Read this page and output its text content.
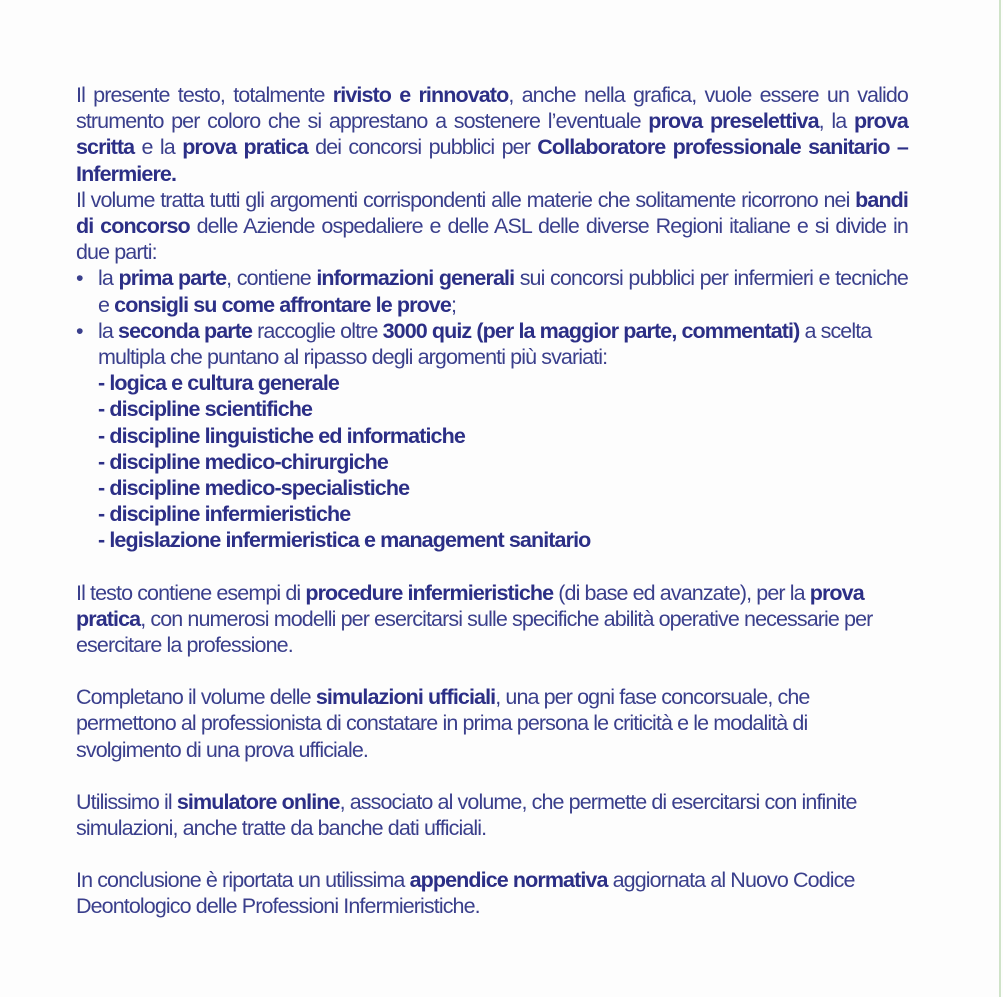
Il presente testo, totalmente rivisto e rinnovato, anche nella grafica, vuole essere un valido strumento per coloro che si apprestano a sostenere l’eventuale prova preselettiva, la prova scritta e la prova pratica dei concorsi pubblici per Collaboratore professionale sanitario – Infermiere.

Il volume tratta tutti gli argomenti corrispondenti alle materie che solitamente ricorrono nei bandi di concorso delle Aziende ospedaliere e delle ASL delle diverse Regioni italiane e si divide in due parti:

• la prima parte, contiene informazioni generali sui concorsi pubblici per infermieri e tecniche e consigli su come affrontare le prove;
• la seconda parte raccoglie oltre 3000 quiz (per la maggior parte, commentati) a scelta multipla che puntano al ripasso degli argomenti più svariati:
- logica e cultura generale
- discipline scientifiche
- discipline linguistiche ed informatiche
- discipline medico-chirurgiche
- discipline medico-specialistiche
- discipline infermieristiche
- legislazione infermieristica e management sanitario

Il testo contiene esempi di procedure infermieristiche (di base ed avanzate), per la prova pratica, con numerosi modelli per esercitarsi sulle specifiche abilità operative necessarie per esercitare la professione.

Completano il volume delle simulazioni ufficiali, una per ogni fase concorsuale, che permettono al professionista di constatare in prima persona le criticità e le modalità di svolgimento di una prova ufficiale.

Utilissimo il simulatore online, associato al volume, che permette di esercitarsi con infinite simulazioni, anche tratte da banche dati ufficiali.

In conclusione è riportata un utilissima appendice normativa aggiornata al Nuovo Codice Deontologico delle Professioni Infermieristiche.
